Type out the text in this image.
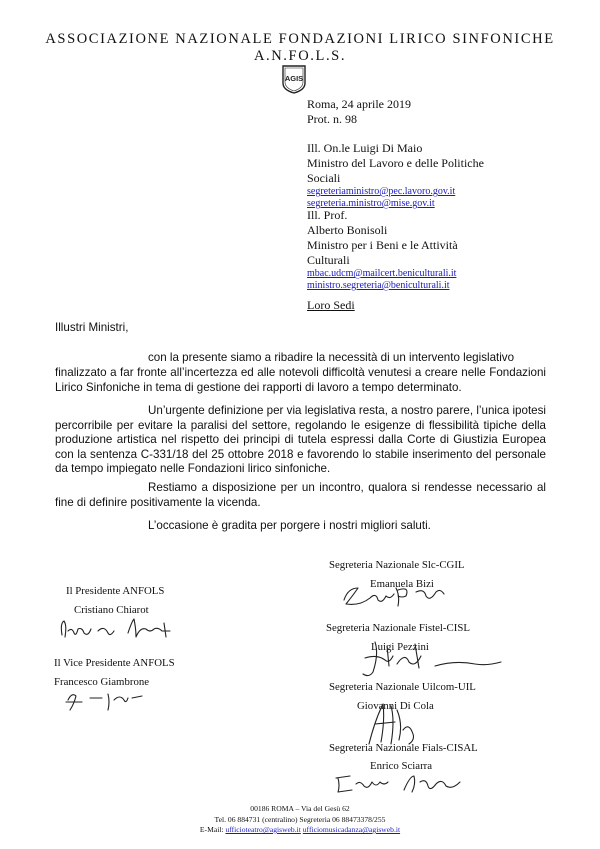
ASSOCIAZIONE NAZIONALE FONDAZIONI LIRICO SINFONICHE
A.N.FO.L.S.
AGIS
Roma, 24 aprile 2019
Prot. n. 98
Ill. On.le Luigi Di Maio
Ministro del Lavoro e delle Politiche
Sociali
segreteriaministro@pec.lavoro.gov.it
segreteria.ministro@mise.gov.it
Ill. Prof.
Alberto Bonisoli
Ministro per i Beni e le Attività
Culturali
mbac.udcm@mailcert.beniculturali.it
ministro.segreteria@beniculturali.it
Loro Sedi
Illustri Ministri,
con la presente siamo a ribadire la necessità di un intervento legislativo
finalizzato a far fronte all’incertezza ed alle notevoli difficoltà venutesi a creare nelle Fondazioni Lirico Sinfoniche in tema di gestione dei rapporti di lavoro a tempo determinato.
Un’urgente definizione per via legislativa resta, a nostro parere, l’unica ipotesi percorribile per evitare la paralisi del settore, regolando le esigenze di flessibilità tipiche della produzione artistica nel rispetto dei principi di tutela espressi dalla Corte di Giustizia Europea con la sentenza C-331/18 del 25 ottobre 2018 e favorendo lo stabile inserimento del personale da tempo impiegato nelle Fondazioni lirico sinfoniche.
Restiamo a disposizione per un incontro, qualora si rendesse necessario al fine di definire positivamente la vicenda.
L’occasione è gradita per porgere i nostri migliori saluti.
Il Presidente ANFOLS
Cristiano Chiarot
Il Vice Presidente ANFOLS
Francesco Giambrone
Segreteria Nazionale Slc-CGIL
Emanuela Bizi
Segreteria Nazionale Fistel-CISL
Luigi Pezzini
Segreteria Nazionale Uilcom-UIL
Giovanni Di Cola
Segreteria Nazionale Fials-CISAL
Enrico Sciarra
00186 ROMA – Via del Gesù 62
Tel. 06 884731 (centralino) Segreteria 06 88473378/255
E-Mail: ufficioteatro@agisweb.it ufficiomusicadanza@agisweb.it
